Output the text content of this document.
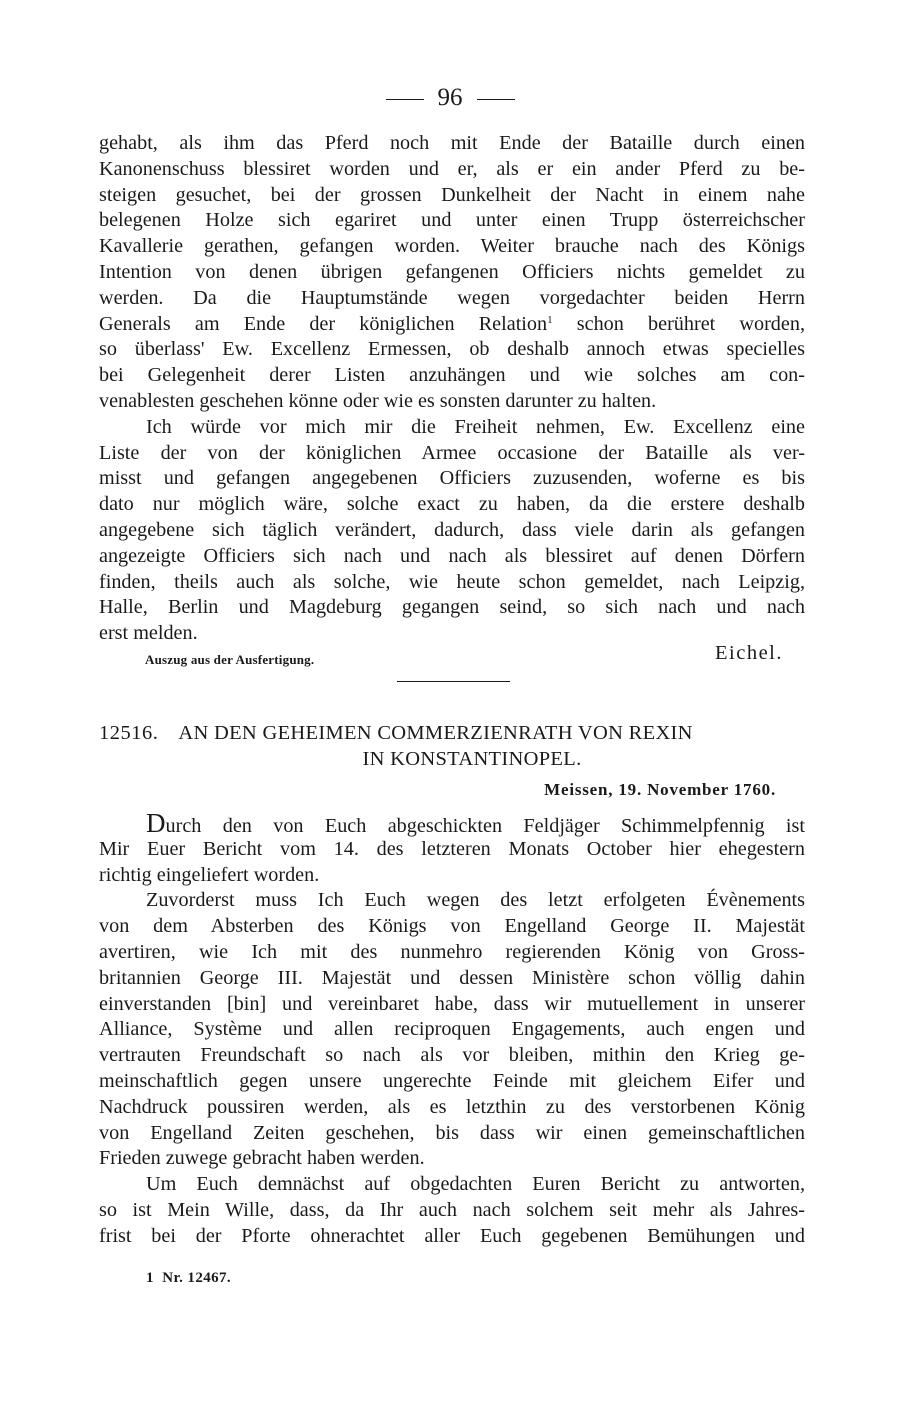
96
gehabt, als ihm das Pferd noch mit Ende der Bataille durch einen
Kanonenschuss blessiret worden und er, als er ein ander Pferd zu be-
steigen gesuchet, bei der grossen Dunkelheit der Nacht in einem nahe
belegenen Holze sich egariret und unter einen Trupp österreichscher
Kavallerie gerathen, gefangen worden. Weiter brauche nach des Königs
Intention von denen übrigen gefangenen Officiers nichts gemeldet zu
werden. Da die Hauptumstände wegen vorgedachter beiden Herrn
Generals am Ende der königlichen Relation$^1$ schon berühret worden,
so überlass' Ew. Excellenz Ermessen, ob deshalb annoch etwas specielles
bei Gelegenheit derer Listen anzuhängen und wie solches am con-
venablesten geschehen könne oder wie es sonsten darunter zu halten.
Ich würde vor mich mir die Freiheit nehmen, Ew. Excellenz eine
Liste der von der königlichen Armee occasione der Bataille als ver-
misst und gefangen angegebenen Officiers zuzusenden, woferne es bis
dato nur möglich wäre, solche exact zu haben, da die erstere deshalb
angegebene sich täglich verändert, dadurch, dass viele darin als gefangen
angezeigte Officiers sich nach und nach als blessiret auf denen Dörfern
finden, theils auch als solche, wie heute schon gemeldet, nach Leipzig,
Halle, Berlin und Magdeburg gegangen seind, so sich nach und nach
erst melden.
Auszug aus der Ausfertigung.	Eichel.
12516. AN DEN GEHEIMEN COMMERZIENRATH VON REXIN
IN KONSTANTINOPEL.
Meissen, 19. November 1760.
Durch den von Euch abgeschickten Feldjäger Schimmelpfennig ist
Mir Euer Bericht vom 14. des letzteren Monats October hier ehegestern
richtig eingeliefert worden.
Zuvorderst muss Ich Euch wegen des letzt erfolgeten Évènements
von dem Absterben des Königs von Engelland George II. Majestät
avertiren, wie Ich mit des nunmehro regierenden König von Gross-
britannien George III. Majestät und dessen Ministère schon völlig dahin
einverstanden [bin] und vereinbaret habe, dass wir mutuellement in unserer
Alliance, Système und allen reciproquen Engagements, auch engen und
vertrauten Freundschaft so nach als vor bleiben, mithin den Krieg ge-
meinschaftlich gegen unsere ungerechte Feinde mit gleichem Eifer und
Nachdruck poussiren werden, als es letzthin zu des verstorbenen König
von Engelland Zeiten geschehen, bis dass wir einen gemeinschaftlichen
Frieden zuwege gebracht haben werden.
Um Euch demnächst auf obgedachten Euren Bericht zu antworten,
so ist Mein Wille, dass, da Ihr auch nach solchem seit mehr als Jahres-
frist bei der Pforte ohnerachtet aller Euch gegebenen Bemühungen und
1 Nr. 12467.
